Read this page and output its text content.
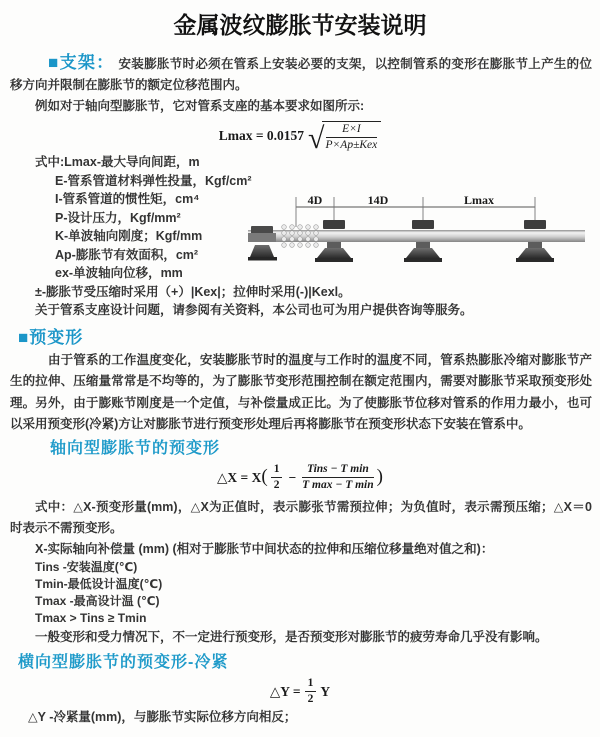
金属波纹膨胀节安装说明

■支架： 安装膨胀节时必须在管系上安装必要的支架，以控制管系的变形在膨胀节上产生的位移方向并限制在膨胀节的额定位移范围内。

例如对于轴向型膨胀节，它对管系支座的基本要求如图所示:

Lmax = 0.0157 √ $\frac{E\times I}{\text{P×Ap±Kex}}$
式中:Lmax-最大导向间距，m
E-管系管道材料弹性投量，Kgf/cm²
I-管系管道的惯性矩，cm⁴
P-设计压力，Kgf/mm²
K-单波轴向刚度；Kgf/mm
Ap-膨胀节有效面积，cm²
ex-单波轴向位移，mm
±-膨胀节受压缩时采用（+）|Kex|；拉伸时采用(-)|Kexl。
关于管系支座设计问题，请参阅有关资料，本公司也可为用户提供咨询等服务。
4D	14D	Lmax
■预变形

由于管系的工作温度变化，安装膨胀节时的温度与工作时的温度不同，管系热膨胀冷缩对膨胀节产生的拉伸、压缩量常常是不均等的，为了膨胀节变形范围控制在额定范围内，需要对膨胀节采取预变形处理。另外，由于膨账节刚度是一个定值，与补偿量成正比。为了使膨胀节位移对管系的作用力最小，也可以采用预变形(冷紧)方让对膨胀节进行预变形处理后再将膨胀节在预变形状态下安装在管系中。

轴向型膨胀节的预变形
△X = X ( $\frac{1}{2} - \frac{\text{Tins − T min}}{\text{T max − T min}}$ )

式中：△X-预变形量(mm)，△X为正值时，表示膨张节需预拉伸；为负值时，表示需预压缩；△X＝0时表示不需预变形。

X-实际轴向补偿量 (mm) (相对于膨胀节中间状态的拉伸和压缩位移量绝对值之和)：
Tins -安装温度(℃)
Tmin-最低设计温度(℃)
Tmax -最高设计温 (℃)
Tmax > Tins ≥ Tmin
一般变形和受力情况下，不一定进行预变形，是否预变形对膨胀节的疲劳寿命几乎没有影响。
横向型膨胀节的预变形-冷紧
△Y = $\frac{1}{2}$ Y
△Y -冷紧量(mm)，与膨胀节实际位移方向相反；
